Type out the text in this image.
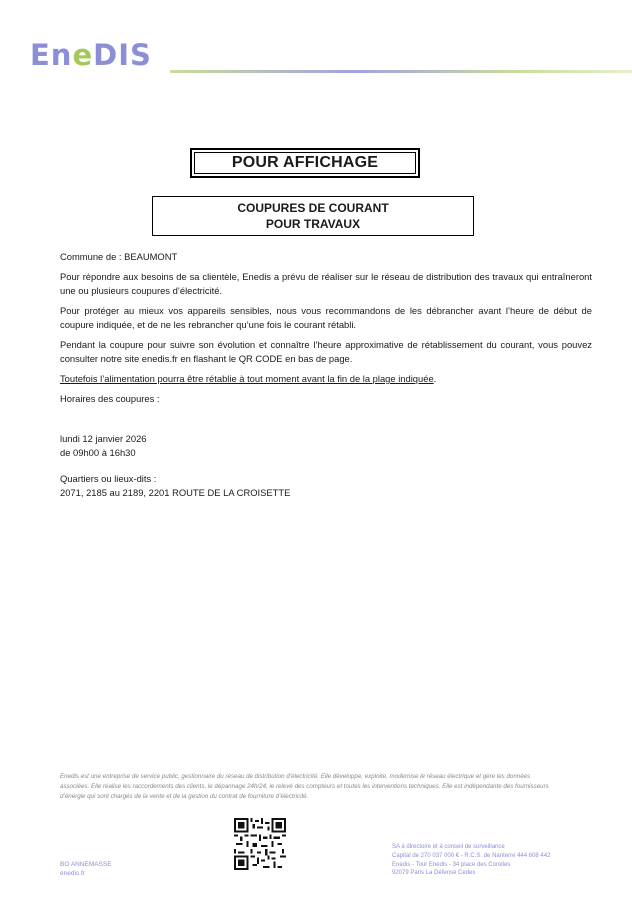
EneDIS
POUR AFFICHAGE
COUPURES DE COURANT
POUR TRAVAUX

Commune de : BEAUMONT

Pour répondre aux besoins de sa clientèle, Enedis a prévu de réaliser sur le réseau de distribution des travaux qui entraîneront une ou plusieurs coupures d’électricité.

Pour protéger au mieux vos appareils sensibles, nous vous recommandons de les débrancher avant l’heure de début de coupure indiquée, et de ne les rebrancher qu’une fois le courant rétabli.

Pendant la coupure pour suivre son évolution et connaître l’heure approximative de rétablissement du courant, vous pouvez consulter notre site enedis.fr en flashant le QR CODE en bas de page.

Toutefois l’alimentation pourra être rétablie à tout moment avant la fin de la plage indiquée.

Horaires des coupures :

lundi 12 janvier 2026

de 09h00 à 16h30

Quartiers ou lieux-dits :

2071, 2185 au 2189, 2201 ROUTE DE LA CROISETTE

Enedis est une entreprise de service public, gestionnaire du réseau de distribution d’électricité. Elle développe, exploite, modernise le réseau électrique et gère les données associées. Elle réalise les raccordements des clients, le dépannage 24h/24, le relevé des compteurs et toutes les interventions techniques. Elle est indépendante des fournisseurs d’énergie qui sont chargés de la vente et de la gestion du contrat de fourniture d’électricité.
BO ANNEMASSE
enedis.fr
SA à directoire et à conseil de surveillance
Capital de 270 037 000 € - R.C.S. de Nanterre 444 608 442
Enedis - Tour Enedis - 34 place des Corolles
92079 Paris La Défense Cedex
